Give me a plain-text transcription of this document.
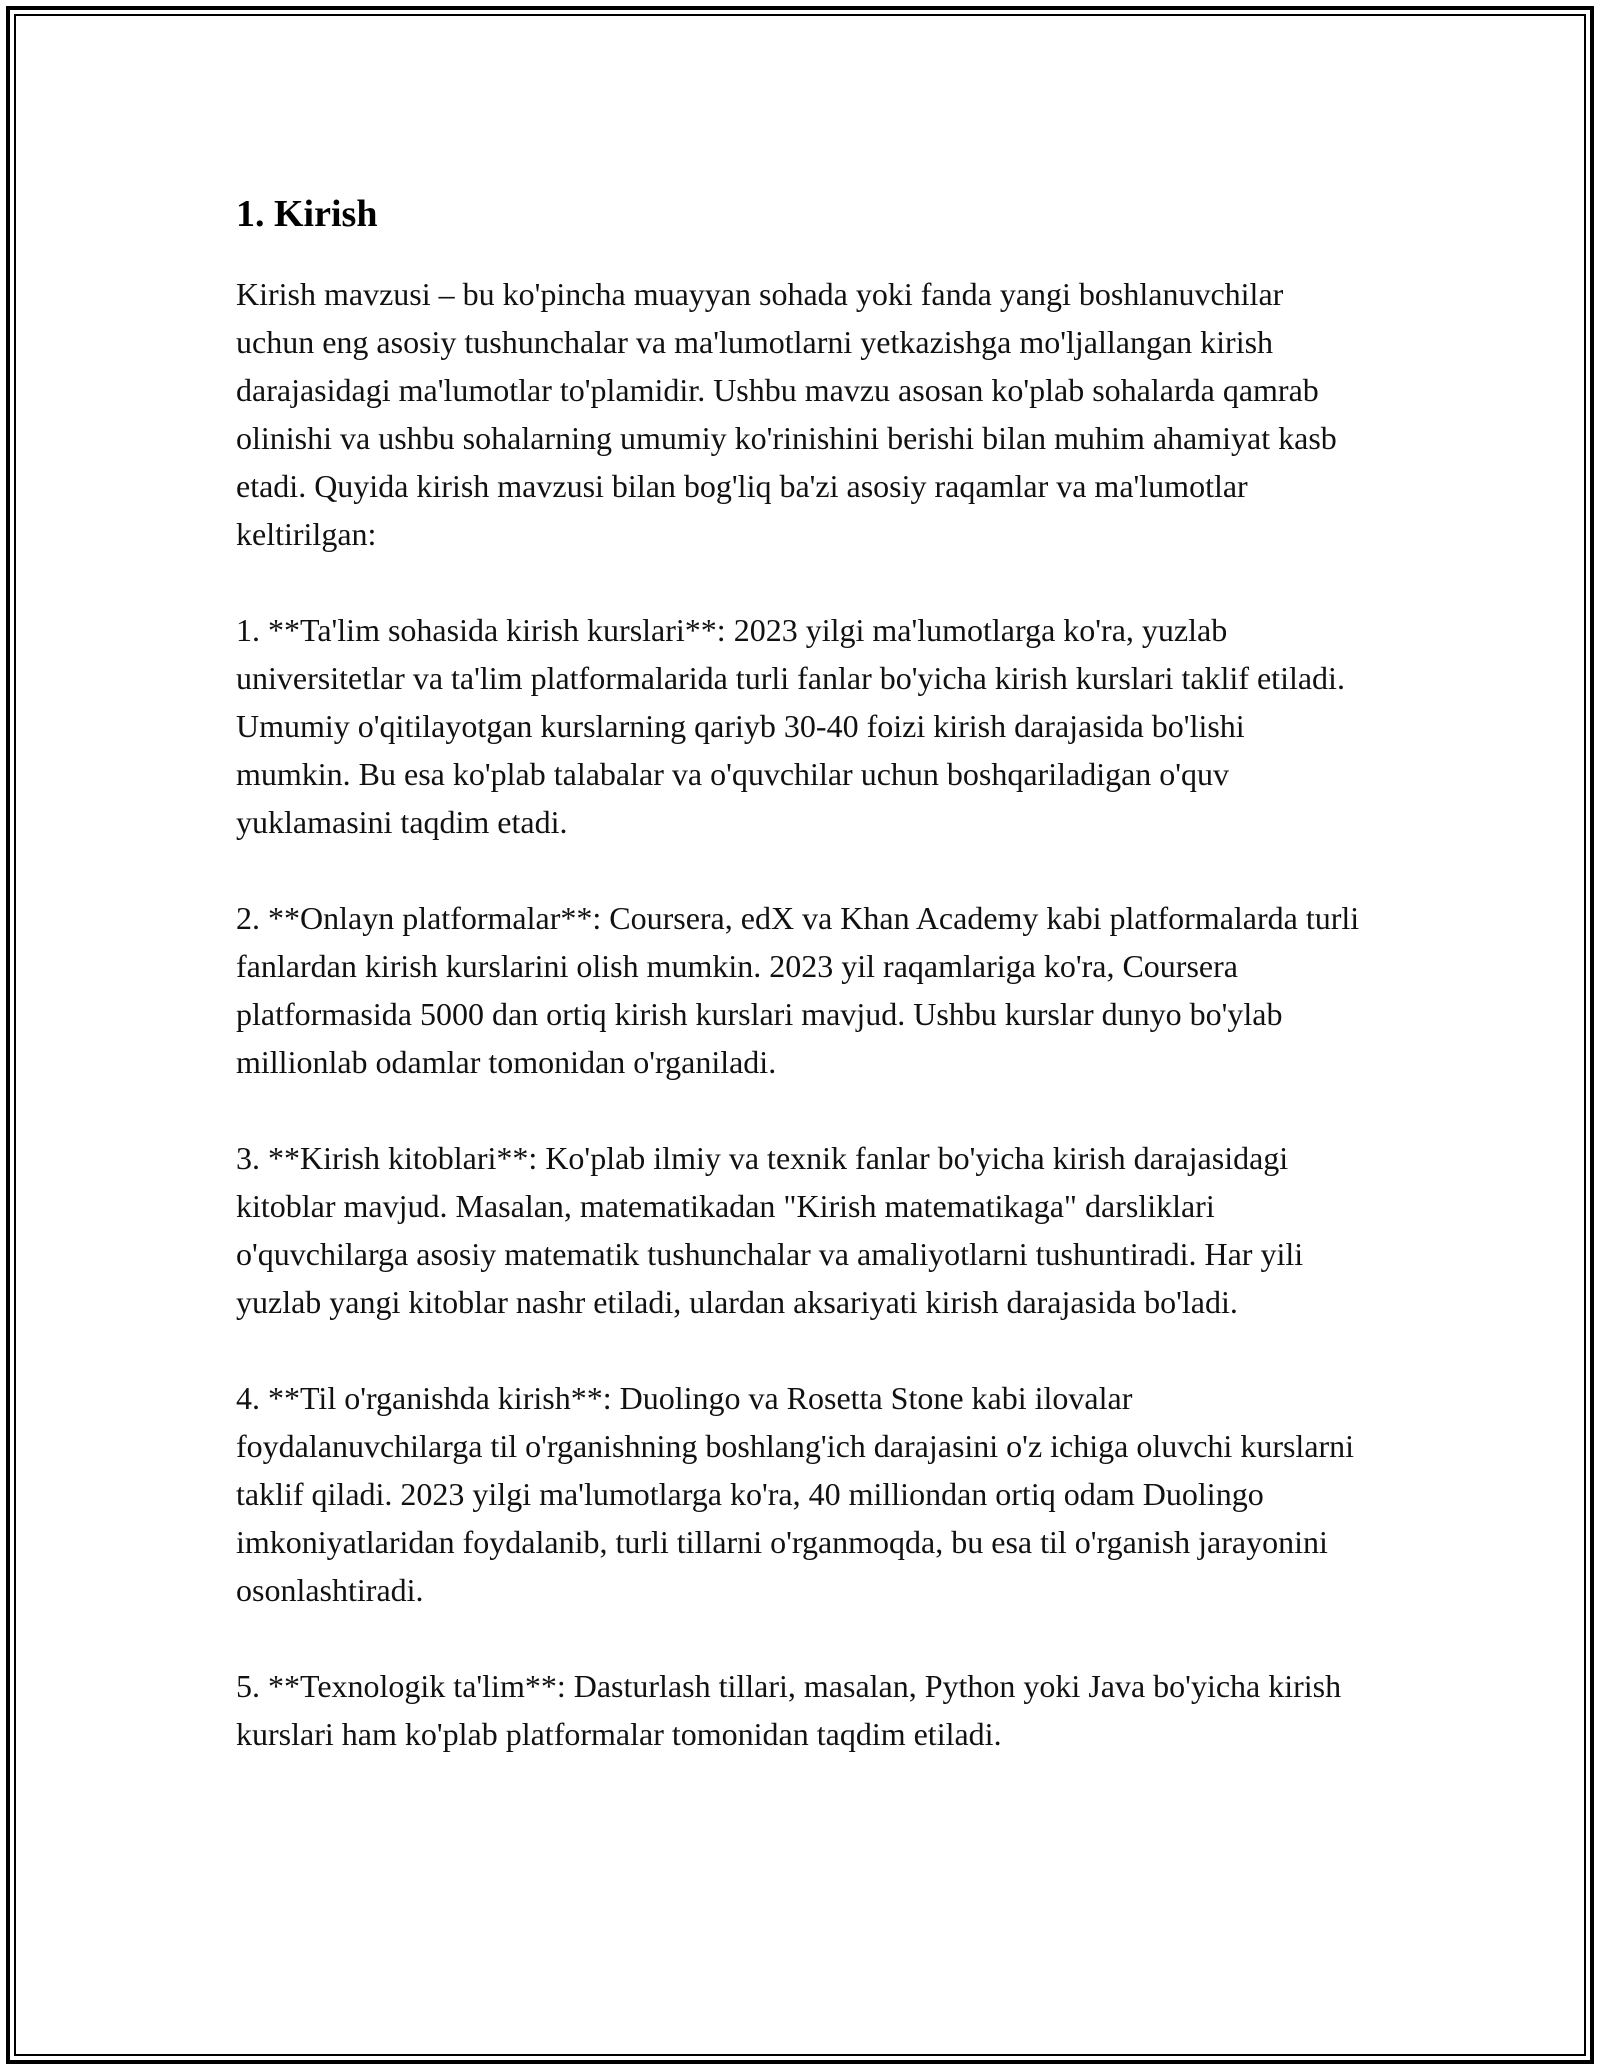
1. Kirish

Kirish mavzusi – bu ko'pincha muayyan sohada yoki fanda yangi boshlanuvchilar uchun eng asosiy tushunchalar va ma'lumotlarni yetkazishga mo'ljallangan kirish darajasidagi ma'lumotlar to'plamidir. Ushbu mavzu asosan ko'plab sohalarda qamrab olinishi va ushbu sohalarning umumiy ko'rinishini berishi bilan muhim ahamiyat kasb etadi. Quyida kirish mavzusi bilan bog'liq ba'zi asosiy raqamlar va ma'lumotlar keltirilgan:

1. **Ta'lim sohasida kirish kurslari**: 2023 yilgi ma'lumotlarga ko'ra, yuzlab universitetlar va ta'lim platformalarida turli fanlar bo'yicha kirish kurslari taklif etiladi. Umumiy o'qitilayotgan kurslarning qariyb 30-40 foizi kirish darajasida bo'lishi mumkin. Bu esa ko'plab talabalar va o'quvchilar uchun boshqariladigan o'quv yuklamasini taqdim etadi.

2. **Onlayn platformalar**: Coursera, edX va Khan Academy kabi platformalarda turli fanlardan kirish kurslarini olish mumkin. 2023 yil raqamlariga ko'ra, Coursera platformasida 5000 dan ortiq kirish kurslari mavjud. Ushbu kurslar dunyo bo'ylab millionlab odamlar tomonidan o'rganiladi.

3. **Kirish kitoblari**: Ko'plab ilmiy va texnik fanlar bo'yicha kirish darajasidagi kitoblar mavjud. Masalan, matematikadan "Kirish matematikaga" darsliklari o'quvchilarga asosiy matematik tushunchalar va amaliyotlarni tushuntiradi. Har yili yuzlab yangi kitoblar nashr etiladi, ulardan aksariyati kirish darajasida bo'ladi.

4. **Til o'rganishda kirish**: Duolingo va Rosetta Stone kabi ilovalar foydalanuvchilarga til o'rganishning boshlang'ich darajasini o'z ichiga oluvchi kurslarni taklif qiladi. 2023 yilgi ma'lumotlarga ko'ra, 40 milliondan ortiq odam Duolingo imkoniyatlaridan foydalanib, turli tillarni o'rganmoqda, bu esa til o'rganish jarayonini osonlashtiradi.

5. **Texnologik ta'lim**: Dasturlash tillari, masalan, Python yoki Java bo'yicha kirish kurslari ham ko'plab platformalar tomonidan taqdim etiladi.
